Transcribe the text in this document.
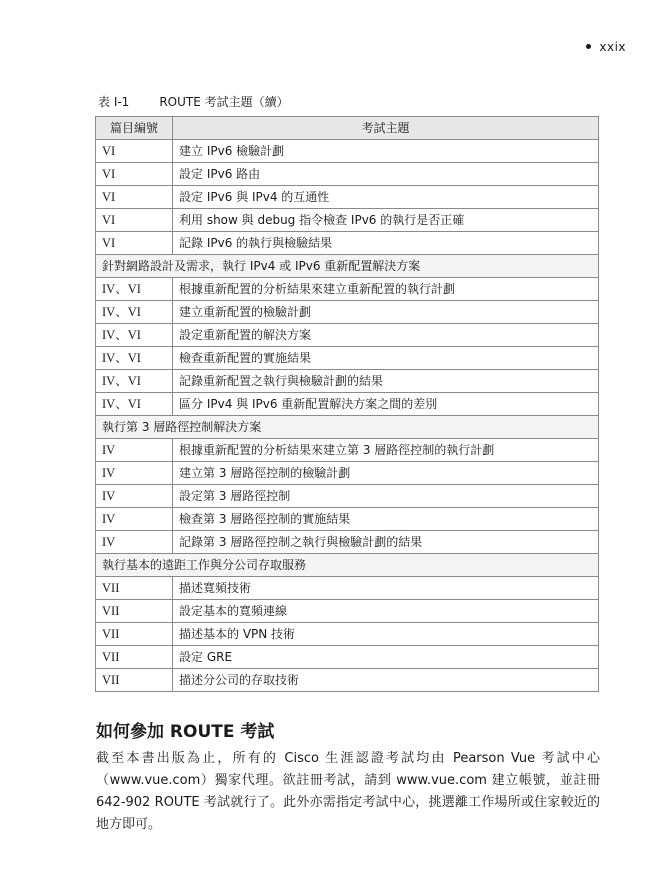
xxix
表 I-1	ROUTE 考試主題（續）
篇目編號	考試主題
VI	建立 IPv6 檢驗計劃
VI	設定 IPv6 路由
VI	設定 IPv6 與 IPv4 的互通性
VI	利用 show 與 debug 指令檢查 IPv6 的執行是否正確
VI	記錄 IPv6 的執行與檢驗結果
針對網路設計及需求，執行 IPv4 或 IPv6 重新配置解決方案	
IV、VI	根據重新配置的分析結果來建立重新配置的執行計劃
IV、VI	建立重新配置的檢驗計劃
IV、VI	設定重新配置的解決方案
IV、VI	檢查重新配置的實施結果
IV、VI	記錄重新配置之執行與檢驗計劃的結果
IV、VI	區分 IPv4 與 IPv6 重新配置解決方案之間的差別
執行第 3 層路徑控制解決方案	
IV	根據重新配置的分析結果來建立第 3 層路徑控制的執行計劃
IV	建立第 3 層路徑控制的檢驗計劃
IV	設定第 3 層路徑控制
IV	檢查第 3 層路徑控制的實施結果
IV	記錄第 3 層路徑控制之執行與檢驗計劃的結果
執行基本的遠距工作與分公司存取服務	
VII	描述寬頻技術
VII	設定基本的寬頻連線
VII	描述基本的 VPN 技術
VII	設定 GRE
VII	描述分公司的存取技術
如何參加 ROUTE 考試

截至本書出版為止，所有的 Cisco 生涯認證考試均由 Pearson Vue 考試中心（www.vue.com）獨家代理。欲註冊考試，請到 www.vue.com 建立帳號，並註冊 642-902 ROUTE 考試就行了。此外亦需指定考試中心，挑選離工作場所或住家較近的地方即可。
